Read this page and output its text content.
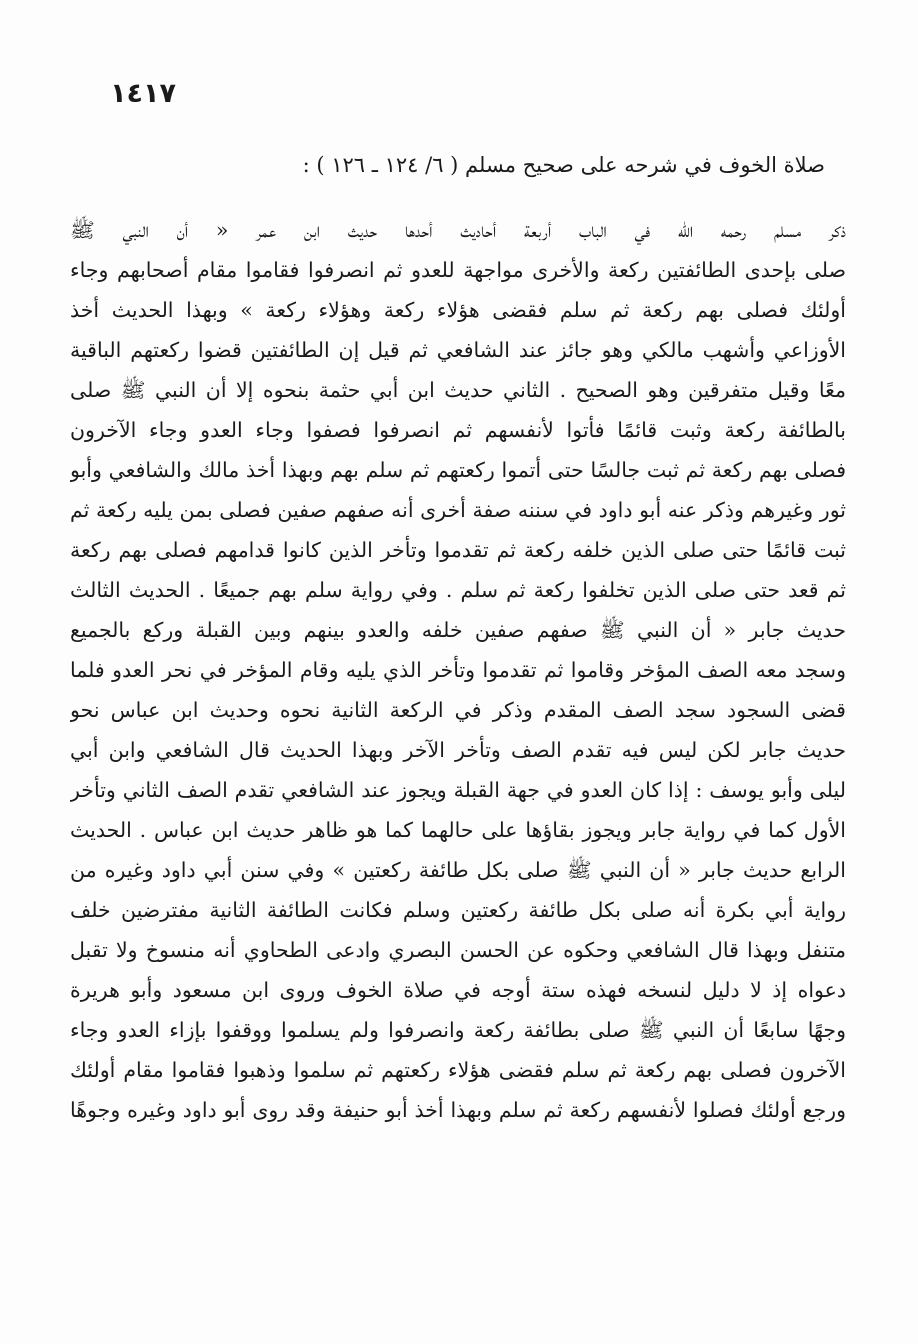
١٤١٧
صلاة الخوف في شرحه على صحيح مسلم ( ٦/ ١٢٤ ـ ١٢٦ ) :
ذكر مسلم رحمه الله في الباب أربعة أحاديث أحدها حديث ابن عمر « أن النبي ﷺ
صلى بإحدى الطائفتين ركعة والأخرى مواجهة للعدو ثم انصرفوا فقاموا مقام أصحابهم وجاء
أولئك فصلى بهم ركعة ثم سلم فقضى هؤلاء ركعة وهؤلاء ركعة » وبهذا الحديث أخذ
الأوزاعي وأشهب مالكي وهو جائز عند الشافعي ثم قيل إن الطائفتين قضوا ركعتهم الباقية
معًا وقيل متفرقين وهو الصحيح . الثاني حديث ابن أبي حثمة بنحوه إلا أن النبي ﷺ صلى
بالطائفة ركعة وثبت قائمًا فأتوا لأنفسهم ثم انصرفوا فصفوا وجاء العدو وجاء الآخرون
فصلى بهم ركعة ثم ثبت جالسًا حتى أتموا ركعتهم ثم سلم بهم وبهذا أخذ مالك والشافعي وأبو
ثور وغيرهم وذكر عنه أبو داود في سننه صفة أخرى أنه صفهم صفين فصلى بمن يليه ركعة ثم
ثبت قائمًا حتى صلى الذين خلفه ركعة ثم تقدموا وتأخر الذين كانوا قدامهم فصلى بهم ركعة
ثم قعد حتى صلى الذين تخلفوا ركعة ثم سلم . وفي رواية سلم بهم جميعًا . الحديث الثالث
حديث جابر « أن النبي ﷺ صفهم صفين خلفه والعدو بينهم وبين القبلة وركع بالجميع
وسجد معه الصف المؤخر وقاموا ثم تقدموا وتأخر الذي يليه وقام المؤخر في نحر العدو فلما
قضى السجود سجد الصف المقدم وذكر في الركعة الثانية نحوه وحديث ابن عباس نحو
حديث جابر لكن ليس فيه تقدم الصف وتأخر الآخر وبهذا الحديث قال الشافعي وابن أبي
ليلى وأبو يوسف : إذا كان العدو في جهة القبلة ويجوز عند الشافعي تقدم الصف الثاني وتأخر
الأول كما في رواية جابر ويجوز بقاؤها على حالهما كما هو ظاهر حديث ابن عباس . الحديث
الرابع حديث جابر « أن النبي ﷺ صلى بكل طائفة ركعتين » وفي سنن أبي داود وغيره من
رواية أبي بكرة أنه صلى بكل طائفة ركعتين وسلم فكانت الطائفة الثانية مفترضين خلف
متنفل وبهذا قال الشافعي وحكوه عن الحسن البصري وادعى الطحاوي أنه منسوخ ولا تقبل
دعواه إذ لا دليل لنسخه فهذه ستة أوجه في صلاة الخوف وروى ابن مسعود وأبو هريرة
وجهًا سابعًا أن النبي ﷺ صلى بطائفة ركعة وانصرفوا ولم يسلموا ووقفوا بإزاء العدو وجاء
الآخرون فصلى بهم ركعة ثم سلم فقضى هؤلاء ركعتهم ثم سلموا وذهبوا فقاموا مقام أولئك
ورجع أولئك فصلوا لأنفسهم ركعة ثم سلم وبهذا أخذ أبو حنيفة وقد روى أبو داود وغيره وجوهًا
